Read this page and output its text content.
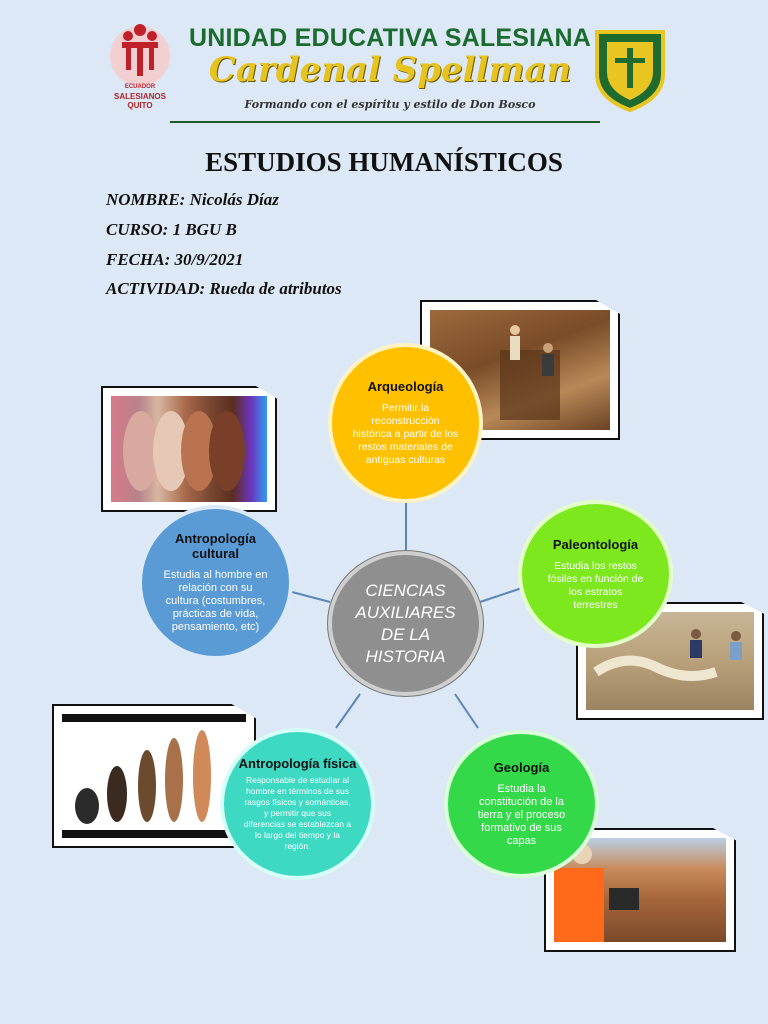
ECUADOR
SALESIANOS QUITO
UNIDAD EDUCATIVA SALESIANA
Cardenal Spellman
Formando con el espíritu y estilo de Don Bosco
ESTUDIOS HUMANÍSTICOS
NOMBRE: Nicolás Díaz
CURSO: 1 BGU B
FECHA: 30/9/2021
ACTIVIDAD: Rueda de atributos
CIENCIAS AUXILIARES DE LA HISTORIA
Arqueología
Permitir la reconstrucción histórica a partir de los restos materiales de antiguas culturas
Paleontología
Estudia los restos fósiles en función de los estratos terrestres
Geología
Estudia la constitución de la tierra y el proceso formativo de sus capas
Antropología física
Responsable de estudiar al hombre en términos de sus rasgos físicos y sománticas, y permitir que sus diferencias se establezcan a lo largo del tiempo y la región.
Antropología cultural
Estudia al hombre en relación con su cultura (costumbres, prácticas de vida, pensamiento, etc)
